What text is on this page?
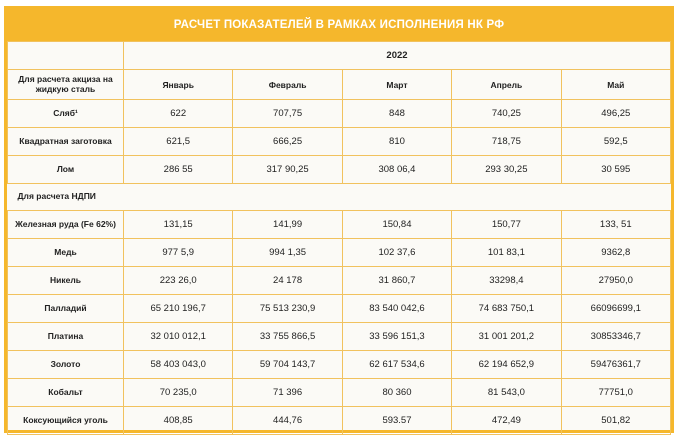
РАСЧЕТ ПОКАЗАТЕЛЕЙ В РАМКАХ ИСПОЛНЕНИЯ НК РФ
	2022				
Для расчета акциза на жидкую сталь	Январь	Февраль	Март	Апрель	Май
Сляб¹	622	707,75	848	740,25	496,25
Квадратная заготовка	621,5	666,25	810	718,75	592,5
Лом	286 55	317 90,25	308 06,4	293 30,25	30 595
Для расчета НДПИ					
Железная руда (Fe 62%)	131,15	141,99	150,84	150,77	133, 51
Медь	977 5,9	994 1,35	102 37,6	101 83,1	9362,8
Никель	223 26,0	24 178	31 860,7	33298,4	27950,0
Палладий	65 210 196,7	75 513 230,9	83 540 042,6	74 683 750,1	66096699,1
Платина	32 010 012,1	33 755 866,5	33 596 151,3	31 001 201,2	30853346,7
Золото	58 403 043,0	59 704 143,7	62 617 534,6	62 194 652,9	59476361,7
Кобальт	70 235,0	71 396	80 360	81 543,0	77751,0
Коксующийся уголь	408,85	444,76	593.57	472,49	501,82
